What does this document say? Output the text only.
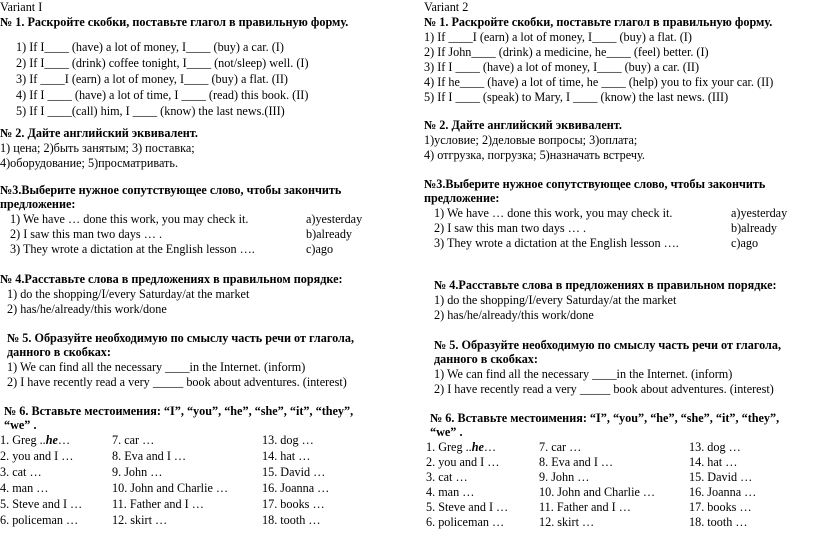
Variant I
№ 1. Раскройте скобки, поставьте глагол в правильную форму.
1) If I____ (have) a lot of money, I____ (buy) a car. (I)
2) If I____ (drink) coffee tonight, I____ (not/sleep) well. (I)
3) If ____I (earn) a lot of money, I____ (buy) a flat. (II)
4) If I ____ (have) a lot of time, I ____ (read) this book. (II)
5) If I ____(call) him, I ____ (know) the last news.(III)
№ 2. Дайте английский эквивалент.
1) цена; 2)быть занятым; 3) поставка;
4)оборудование; 5)просматривать.
№3.Выберите нужное сопутствующее слово, чтобы закончить
предложение:
1) We have … done this work, you may check it.	a)yesterday
2) I saw this man two days … .	b)already
3) They wrote a dictation at the English lesson ….	c)ago
№ 4.Расставьте слова в предложениях в правильном порядке:
1) do the shopping/I/every Saturday/at the market
2) has/he/already/this work/done
№ 5. Образуйте необходимую по смыслу часть речи от глагола,
данного в скобках:
1) We can find all the necessary ____in the Internet. (inform)
2) I have recently read a very _____ book about adventures. (interest)
№ 6. Вставьте местоимения: “I”, “you”, “he”, “she”, “it”, “they”,
“we” .
1. Greg ..he…
2. you and I …
3. cat …
4. man …
5. Steve and I …
6. policeman …
7. car …
8. Eva and I …
9. John …
10. John and Charlie …
11. Father and I …
12. skirt …
13. dog …
14. hat …
15. David …
16. Joanna …
17. books …
18. tooth …
Variant 2
№ 1. Раскройте скобки, поставьте глагол в правильную форму.
1) If ____I (earn) a lot of money, I____ (buy) a flat. (I)
2) If John____ (drink) a medicine, he____ (feel) better. (I)
3) If I ____ (have) a lot of money, I____ (buy) a car. (II)
4) If he____ (have) a lot of time, he ____ (help) you to fix your car. (II)
5) If I ____ (speak) to Mary, I ____ (know) the last news. (III)
№ 2. Дайте английский эквивалент.
1)условие; 2)деловые вопросы; 3)оплата;
4) отгрузка, погрузка; 5)назначать встречу.
№3.Выберите нужное сопутствующее слово, чтобы закончить
предложение:
1) We have … done this work, you may check it.	a)yesterday
2) I saw this man two days … .	b)already
3) They wrote a dictation at the English lesson ….	c)ago
№ 4.Расставьте слова в предложениях в правильном порядке:
1) do the shopping/I/every Saturday/at the market
2) has/he/already/this work/done
№ 5. Образуйте необходимую по смыслу часть речи от глагола,
данного в скобках:
1) We can find all the necessary ____in the Internet. (inform)
2) I have recently read a very _____ book about adventures. (interest)
№ 6. Вставьте местоимения: “I”, “you”, “he”, “she”, “it”, “they”,
“we” .
1. Greg ..he…
2. you and I …
3. cat …
4. man …
5. Steve and I …
6. policeman …
7. car …
8. Eva and I …
9. John …
10. John and Charlie …
11. Father and I …
12. skirt …
13. dog …
14. hat …
15. David …
16. Joanna …
17. books …
18. tooth …
